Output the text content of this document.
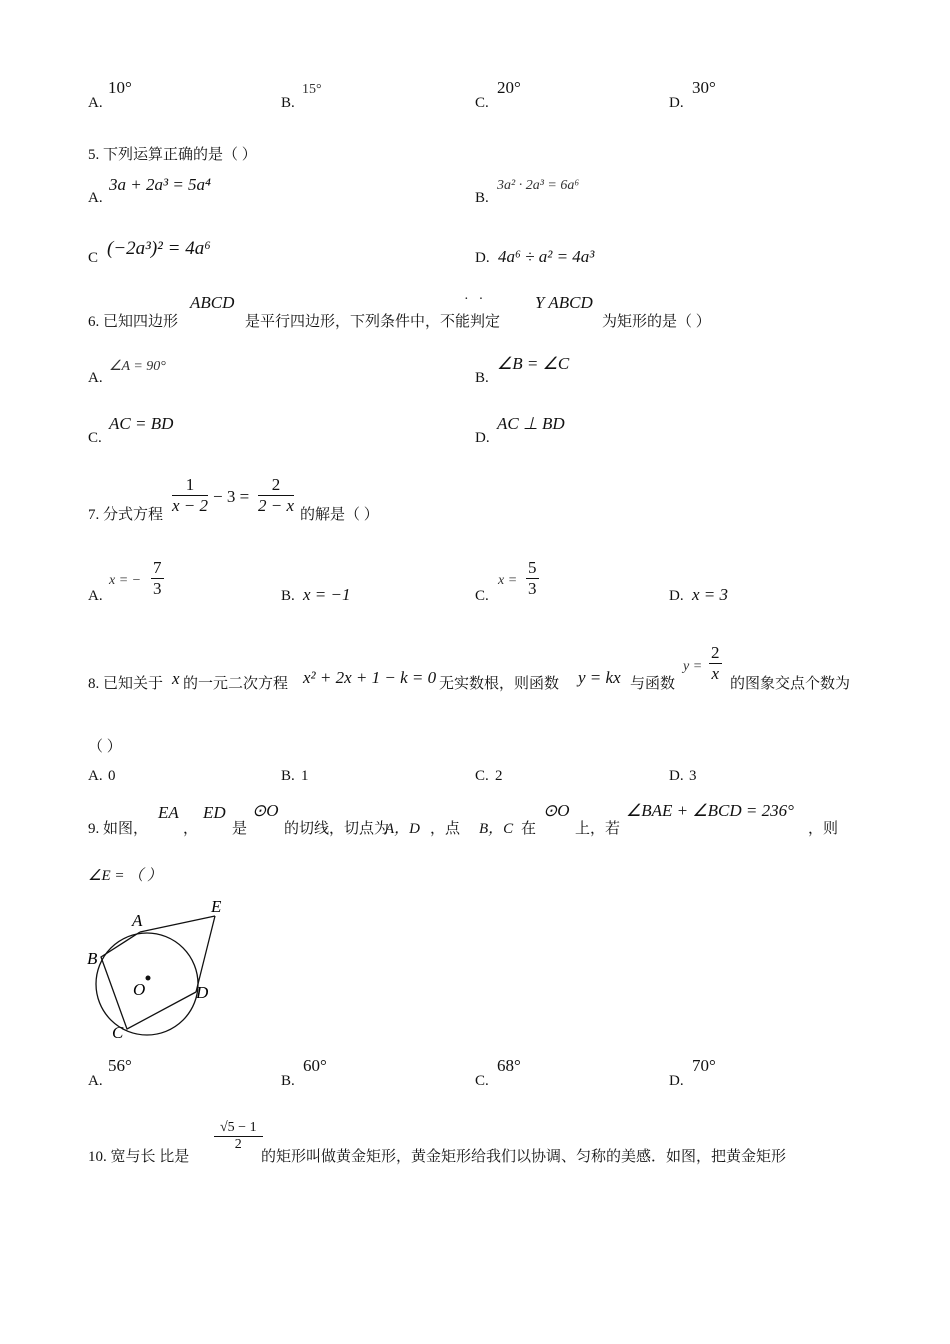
A.
10°
B.
15°
C.
20°
D.
30°
5. 下列运算正确的是（ ）
A.
3a + 2a³ = 5a⁴
B.
3a² · 2a³ = 6a⁶
C (−2a³)² = 4a⁶	D. 4a⁶ ÷ a² = 4a³
6. 已知四边形
ABCD
是平行四边形，下列条件中，不能判定
·· Y ABCD
为矩形的是（ ）
A.
∠A = 90°
B.
∠B = ∠C
C.
AC = BD
D.
AC ⊥ BD
7. 分式方程 $\frac{1}{x - 2} - 3 = \frac{2}{2 - x}$ 的解是（ ）
A.
x = − $\frac{7}{3}$	B. x = −1	C.
$x = \frac{5}{3}$	D. x = 3
8. 已知关于 x 的一元二次方程 x² + 2x + 1 − k = 0 无实数根，则函数 y = kx 与函数
$y = \frac{2}{x}$
的图象交点个数为
（ ）
A. 0	B. 1	C. 2	D. 3
9. 如图，
EA
，
ED
是
⊙O
的切线，切点为
A，D ，点 B，C 在
⊙O
上，若
∠BAE + ∠BCD = 236°
，则
∠E = （ ）
A
E
B
O	D
C
A.
56°
B.
60°
C.
68°
D.
70°
10. 宽与长 比是
$\frac{√5 - 1}{2}$
的矩形叫做黄金矩形，黄金矩形给我们以协调、匀称的美感．如图，把黄金矩形
